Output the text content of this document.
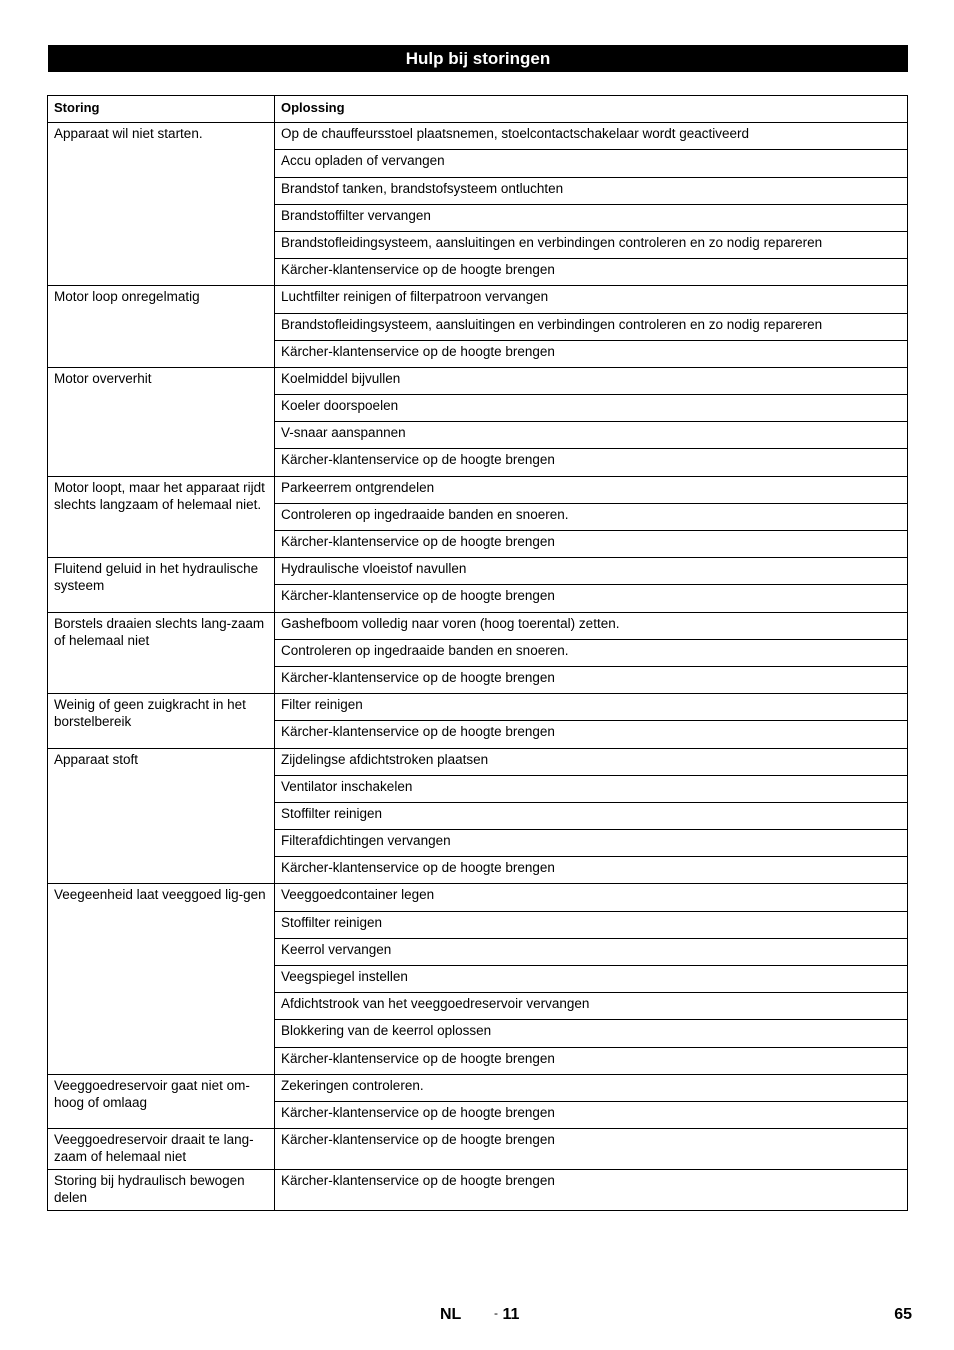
Hulp bij storingen
Storing	Oplossing
Apparaat wil niet starten.	Op de chauffeursstoel plaatsnemen, stoelcontactschakelaar wordt geactiveerd
	Accu opladen of vervangen
	Brandstof tanken, brandstofsysteem ontluchten
	Brandstoffilter vervangen
	Brandstofleidingsysteem, aansluitingen en verbindingen controleren en zo nodig repareren
	Kärcher-klantenservice op de hoogte brengen
Motor loop onregelmatig	Luchtfilter reinigen of filterpatroon vervangen
	Brandstofleidingsysteem, aansluitingen en verbindingen controleren en zo nodig repareren
	Kärcher-klantenservice op de hoogte brengen
Motor oververhit	Koelmiddel bijvullen
	Koeler doorspoelen
	V-snaar aanspannen
	Kärcher-klantenservice op de hoogte brengen
Motor loopt, maar het apparaat rijdt slechts langzaam of helemaal niet.	Parkeerrem ontgrendelen
	Controleren op ingedraaide banden en snoeren.
	Kärcher-klantenservice op de hoogte brengen
Fluitend geluid in het hydraulische systeem	Hydraulische vloeistof navullen
	Kärcher-klantenservice op de hoogte brengen
Borstels draaien slechts lang-zaam of helemaal niet	Gashefboom volledig naar voren (hoog toerental) zetten.
	Controleren op ingedraaide banden en snoeren.
	Kärcher-klantenservice op de hoogte brengen
Weinig of geen zuigkracht in het borstelbereik	Filter reinigen
	Kärcher-klantenservice op de hoogte brengen
Apparaat stoft	Zijdelingse afdichtstroken plaatsen
	Ventilator inschakelen
	Stoffilter reinigen
	Filterafdichtingen vervangen
	Kärcher-klantenservice op de hoogte brengen
Veegeenheid laat veeggoed lig-gen	Veeggoedcontainer legen
	Stoffilter reinigen
	Keerrol vervangen
	Veegspiegel instellen
	Afdichtstrook van het veeggoedreservoir vervangen
	Blokkering van de keerrol oplossen
	Kärcher-klantenservice op de hoogte brengen
Veeggoedreservoir gaat niet om-hoog of omlaag	Zekeringen controleren.
	Kärcher-klantenservice op de hoogte brengen
Veeggoedreservoir draait te lang-zaam of helemaal niet	Kärcher-klantenservice op de hoogte brengen
Storing bij hydraulisch bewogen delen	Kärcher-klantenservice op de hoogte brengen
NL	- 11	65
